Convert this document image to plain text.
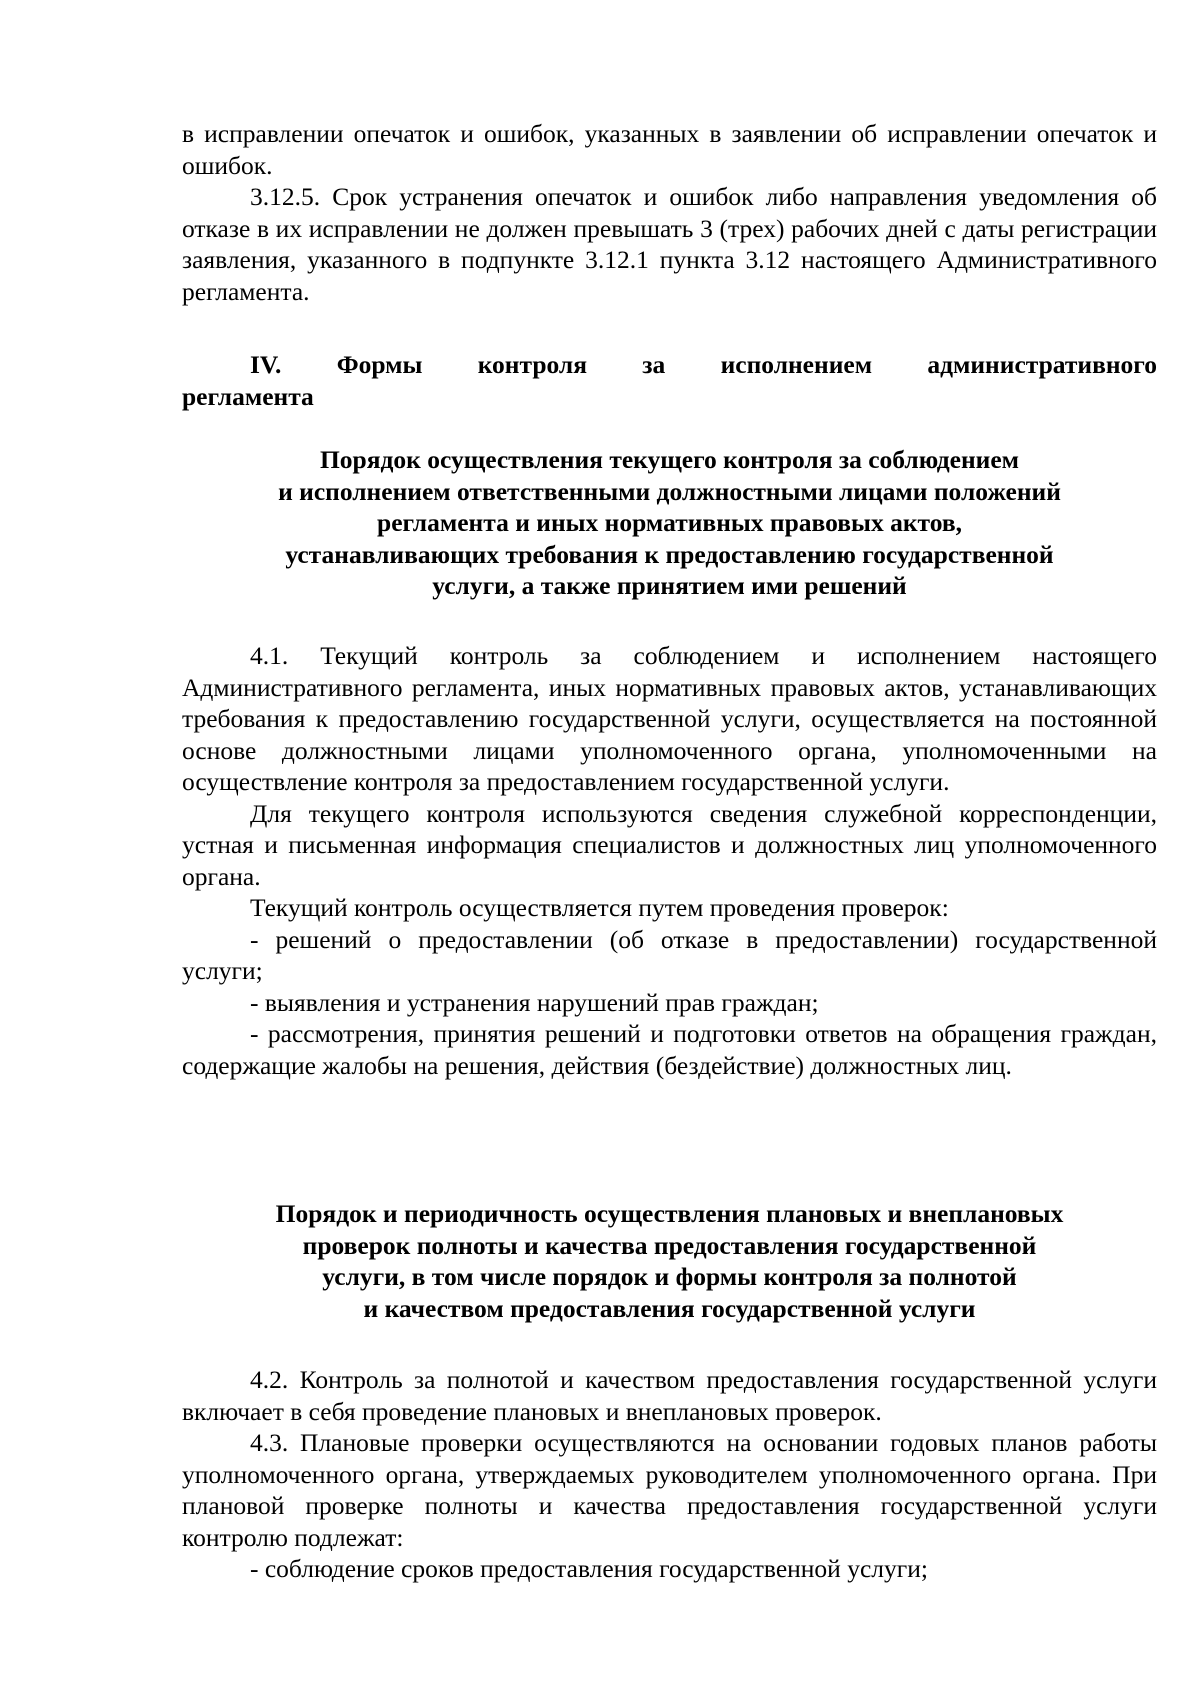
в исправлении опечаток и ошибок, указанных в заявлении об исправлении опечаток и ошибок.

3.12.5. Срок устранения опечаток и ошибок либо направления уведомления об отказе в их исправлении не должен превышать 3 (трех) рабочих дней с даты регистрации заявления, указанного в подпункте 3.12.1 пункта 3.12 настоящего Административного регламента.

IV. Формы контроля за исполнением административного

регламента

Порядок осуществления текущего контроля за соблюдением

и исполнением ответственными должностными лицами положений

регламента и иных нормативных правовых актов,

устанавливающих требования к предоставлению государственной

услуги, а также принятием ими решений

4.1. Текущий контроль за соблюдением и исполнением настоящего Административного регламента, иных нормативных правовых актов, устанавливающих требования к предоставлению государственной услуги, осуществляется на постоянной основе должностными лицами уполномоченного органа, уполномоченными на осуществление контроля за предоставлением государственной услуги.

Для текущего контроля используются сведения служебной корреспонденции, устная и письменная информация специалистов и должностных лиц уполномоченного органа.

Текущий контроль осуществляется путем проведения проверок:

- решений о предоставлении (об отказе в предоставлении) государственной услуги;

- выявления и устранения нарушений прав граждан;

- рассмотрения, принятия решений и подготовки ответов на обращения граждан, содержащие жалобы на решения, действия (бездействие) должностных лиц.

Порядок и периодичность осуществления плановых и внеплановых

проверок полноты и качества предоставления государственной

услуги, в том числе порядок и формы контроля за полнотой

и качеством предоставления государственной услуги

4.2. Контроль за полнотой и качеством предоставления государственной услуги включает в себя проведение плановых и внеплановых проверок.

4.3. Плановые проверки осуществляются на основании годовых планов работы уполномоченного органа, утверждаемых руководителем уполномоченного органа. При плановой проверке полноты и качества предоставления государственной услуги контролю подлежат:

- соблюдение сроков предоставления государственной услуги;
